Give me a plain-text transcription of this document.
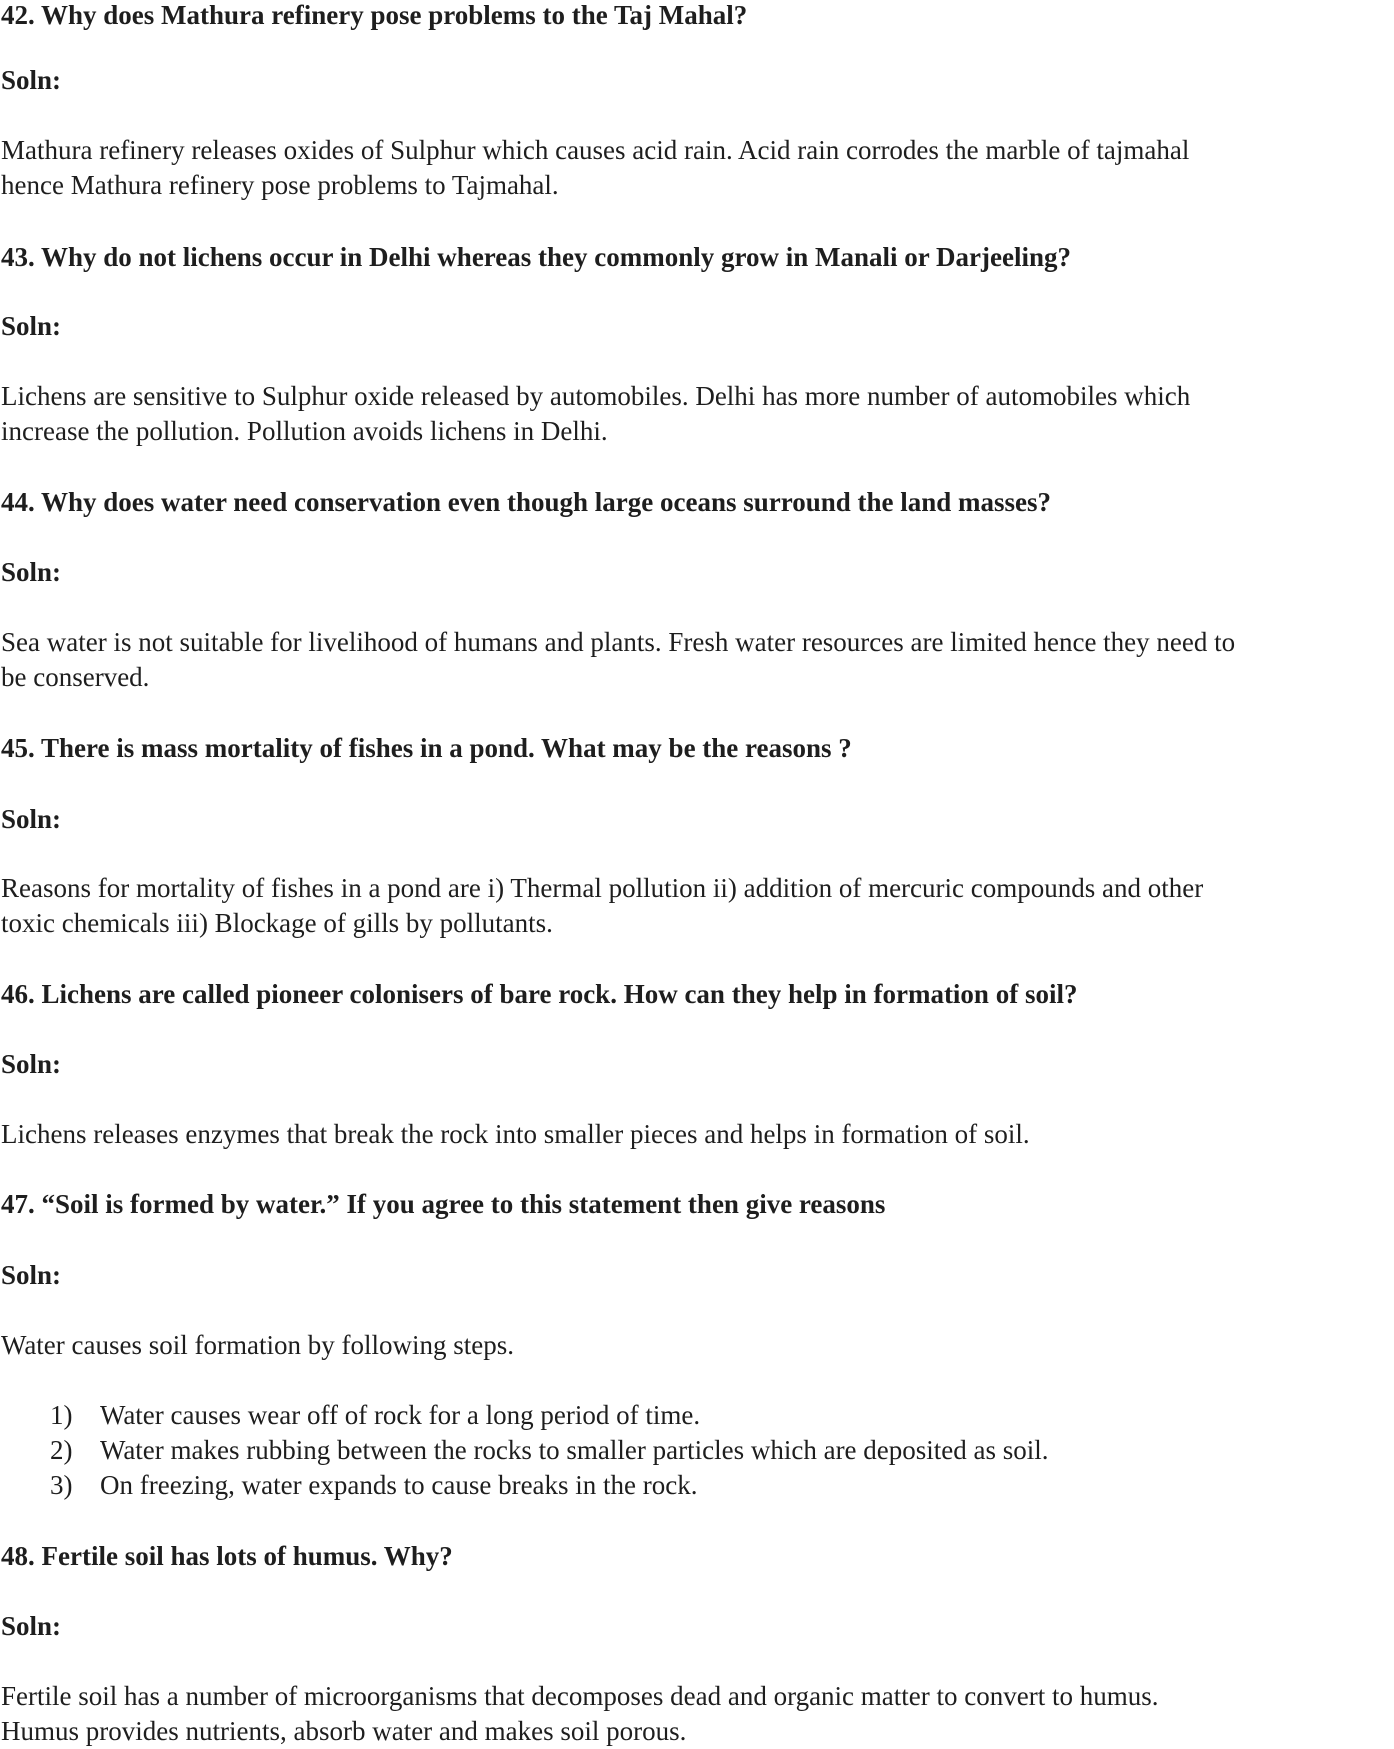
42. Why does Mathura refinery pose problems to the Taj Mahal?
Soln:
Mathura refinery releases oxides of Sulphur which causes acid rain. Acid rain corrodes the marble of tajmahal
hence Mathura refinery pose problems to Tajmahal.
43. Why do not lichens occur in Delhi whereas they commonly grow in Manali or Darjeeling?
Soln:
Lichens are sensitive to Sulphur oxide released by automobiles. Delhi has more number of automobiles which
increase the pollution. Pollution avoids lichens in Delhi.
44. Why does water need conservation even though large oceans surround the land masses?
Soln:
Sea water is not suitable for livelihood of humans and plants. Fresh water resources are limited hence they need to
be conserved.
45. There is mass mortality of fishes in a pond. What may be the reasons ?
Soln:
Reasons for mortality of fishes in a pond are i) Thermal pollution ii) addition of mercuric compounds and other
toxic chemicals iii) Blockage of gills by pollutants.
46. Lichens are called pioneer colonisers of bare rock. How can they help in formation of soil?
Soln:
Lichens releases enzymes that break the rock into smaller pieces and helps in formation of soil.
47. “Soil is formed by water.” If you agree to this statement then give reasons
Soln:
Water causes soil formation by following steps.
1) Water causes wear off of rock for a long period of time.
2) Water makes rubbing between the rocks to smaller particles which are deposited as soil.
3) On freezing, water expands to cause breaks in the rock.
48. Fertile soil has lots of humus. Why?
Soln:
Fertile soil has a number of microorganisms that decomposes dead and organic matter to convert to humus.
Humus provides nutrients, absorb water and makes soil porous.
